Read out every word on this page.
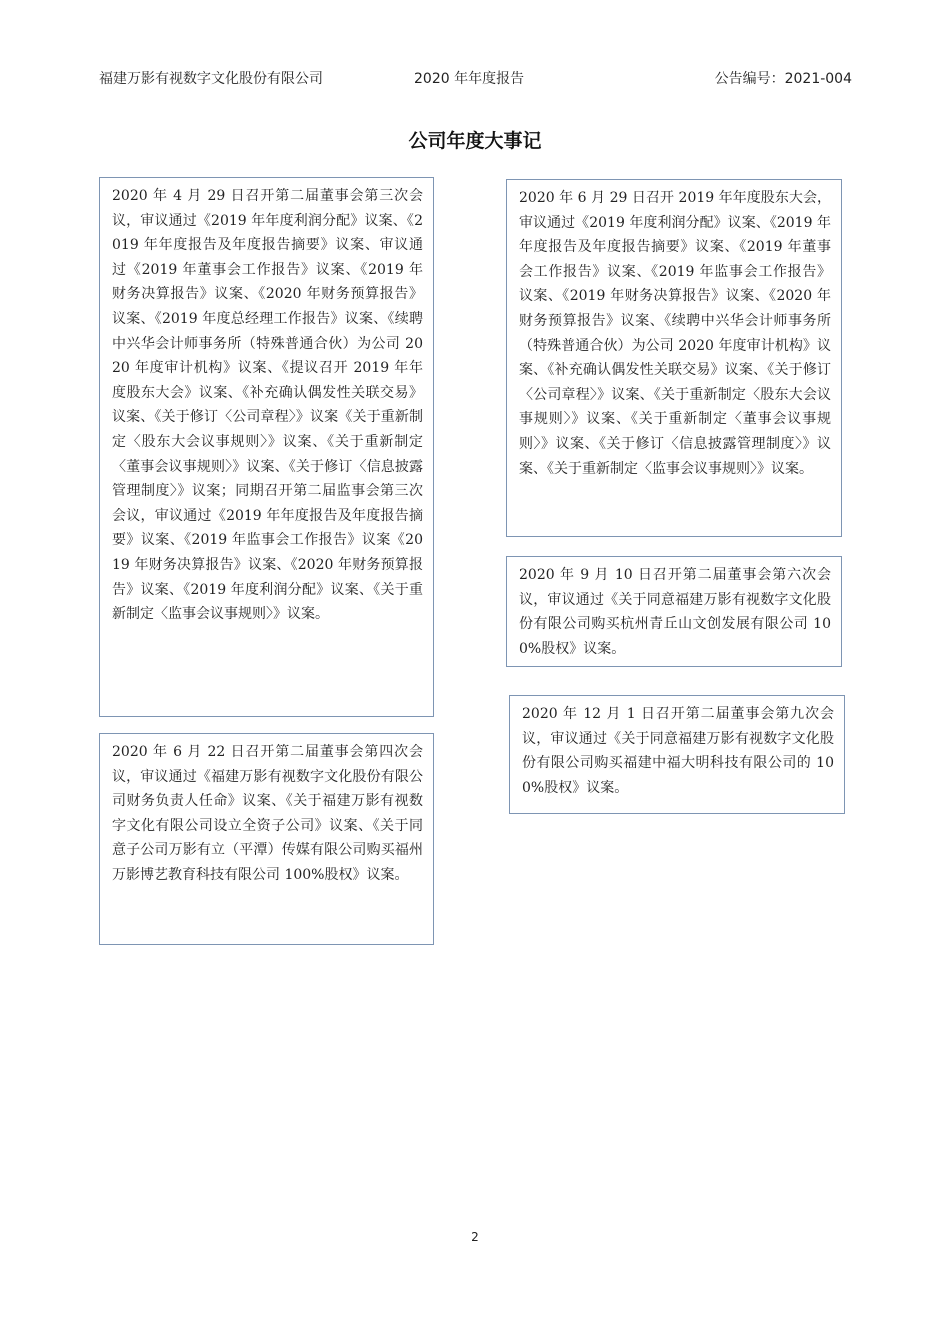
福建万影有视数字文化股份有限公司	2020 年年度报告	公告编号：2021-004
公司年度大事记
2020 年 4 月 29 日召开第二届董事会第三次会议，审议通过《2019 年年度利润分配》议案、《2019 年年度报告及年度报告摘要》议案、审议通过《2019 年董事会工作报告》议案、《2019 年财务决算报告》议案、《2020 年财务预算报告》议案、《2019 年度总经理工作报告》议案、《续聘中兴华会计师事务所（特殊普通合伙）为公司 2020 年度审计机构》议案、《提议召开 2019 年年度股东大会》议案、《补充确认偶发性关联交易》议案、《关于修订〈公司章程〉》议案《关于重新制定〈股东大会议事规则〉》议案、《关于重新制定〈董事会议事规则〉》议案、《关于修订〈信息披露管理制度〉》议案；同期召开第二届监事会第三次会议，审议通过《2019 年年度报告及年度报告摘要》议案、《2019 年监事会工作报告》议案《2019 年财务决算报告》议案、《2020 年财务预算报告》议案、《2019 年度利润分配》议案、《关于重新制定〈监事会议事规则〉》议案。
2020 年 6 月 22 日召开第二届董事会第四次会议，审议通过《福建万影有视数字文化股份有限公司财务负责人任命》议案、《关于福建万影有视数字文化有限公司设立全资子公司》议案、《关于同意子公司万影有立（平潭）传媒有限公司购买福州万影博艺教育科技有限公司 100%股权》议案。
2020 年 6 月 29 日召开 2019 年年度股东大会，审议通过《2019 年度利润分配》议案、《2019 年年度报告及年度报告摘要》议案、《2019 年董事会工作报告》议案、《2019 年监事会工作报告》议案、《2019 年财务决算报告》议案、《2020 年财务预算报告》议案、《续聘中兴华会计师事务所（特殊普通合伙）为公司 2020 年度审计机构》议案、《补充确认偶发性关联交易》议案、《关于修订〈公司章程〉》议案、《关于重新制定〈股东大会议事规则〉》议案、《关于重新制定〈董事会议事规则〉》议案、《关于修订〈信息披露管理制度〉》议案、《关于重新制定〈监事会议事规则〉》议案。
2020 年 9 月 10 日召开第二届董事会第六次会议，审议通过《关于同意福建万影有视数字文化股份有限公司购买杭州青丘山文创发展有限公司 100%股权》议案。
2020 年 12 月 1 日召开第二届董事会第九次会议，审议通过《关于同意福建万影有视数字文化股份有限公司购买福建中福大明科技有限公司的 100%股权》议案。
2
